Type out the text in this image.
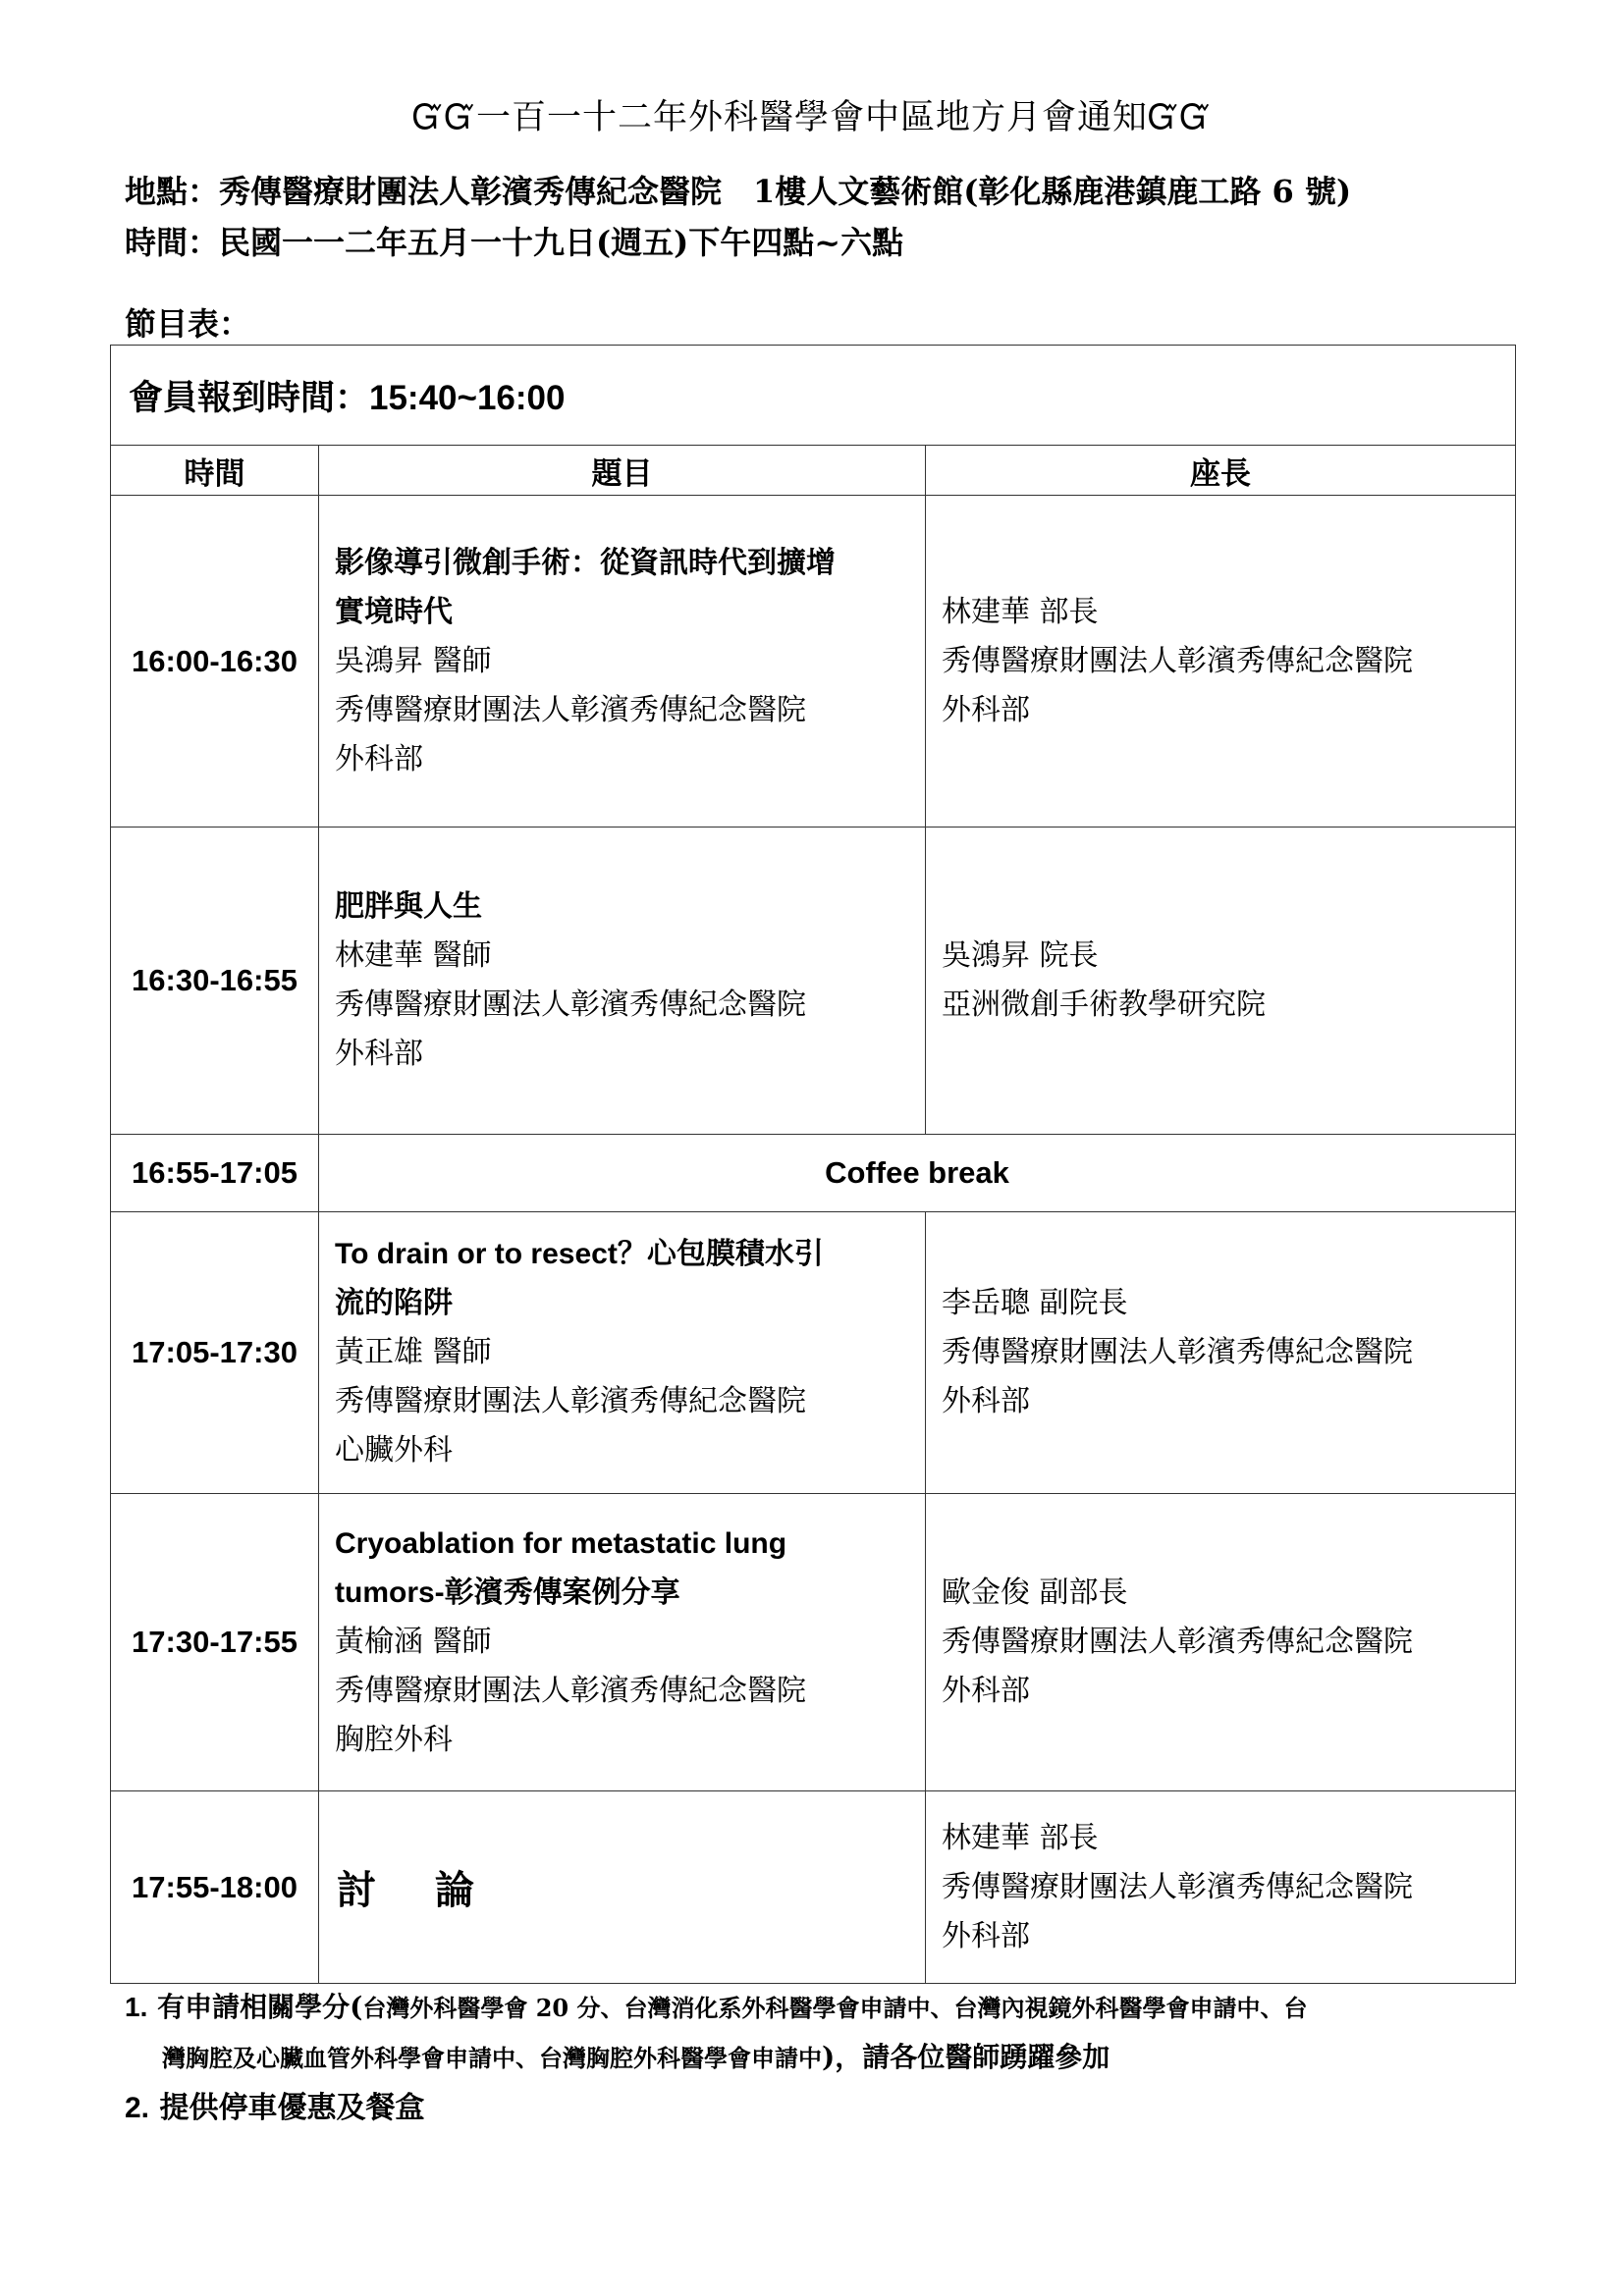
ᏳᏳ一百一十二年外科醫學會中區地方月會通知ᏳᏳ
地點：秀傳醫療財團法人彰濱秀傳紀念醫院　1樓人文藝術館(彰化縣鹿港鎮鹿工路 6 號)
時間：民國一一二年五月一十九日(週五)下午四點~六點
節目表：
會員報到時間：15:40~16:00		
時間	題目	座長
16:00-16:30	影像導引微創手術：從資訊時代到擴增
實境時代
吳鴻昇 醫師
秀傳醫療財團法人彰濱秀傳紀念醫院
外科部	林建華 部長
秀傳醫療財團法人彰濱秀傳紀念醫院
外科部

16:30-16:55	肥胖與人生
林建華 醫師
秀傳醫療財團法人彰濱秀傳紀念醫院
外科部	吳鴻昇 院長
亞洲微創手術教學研究院

16:55-17:05	Coffee break	
17:05-17:30	To drain or to resect？心包膜積水引
流的陷阱
黃正雄 醫師
秀傳醫療財團法人彰濱秀傳紀念醫院
心臟外科	李岳聰 副院長
秀傳醫療財團法人彰濱秀傳紀念醫院
外科部

17:30-17:55	Cryoablation for metastatic lung
tumors-彰濱秀傳案例分享
黃榆涵 醫師
秀傳醫療財團法人彰濱秀傳紀念醫院
胸腔外科	歐金俊 副部長
秀傳醫療財團法人彰濱秀傳紀念醫院
外科部

17:55-18:00	討　 論	林建華 部長
秀傳醫療財團法人彰濱秀傳紀念醫院
外科部
1. 有申請相關學分(台灣外科醫學會 20 分、台灣消化系外科醫學會申請中、台灣內視鏡外科醫學會申請中、台
灣胸腔及心臟血管外科學會申請中、台灣胸腔外科醫學會申請中)，請各位醫師踴躍參加
2. 提供停車優惠及餐盒
